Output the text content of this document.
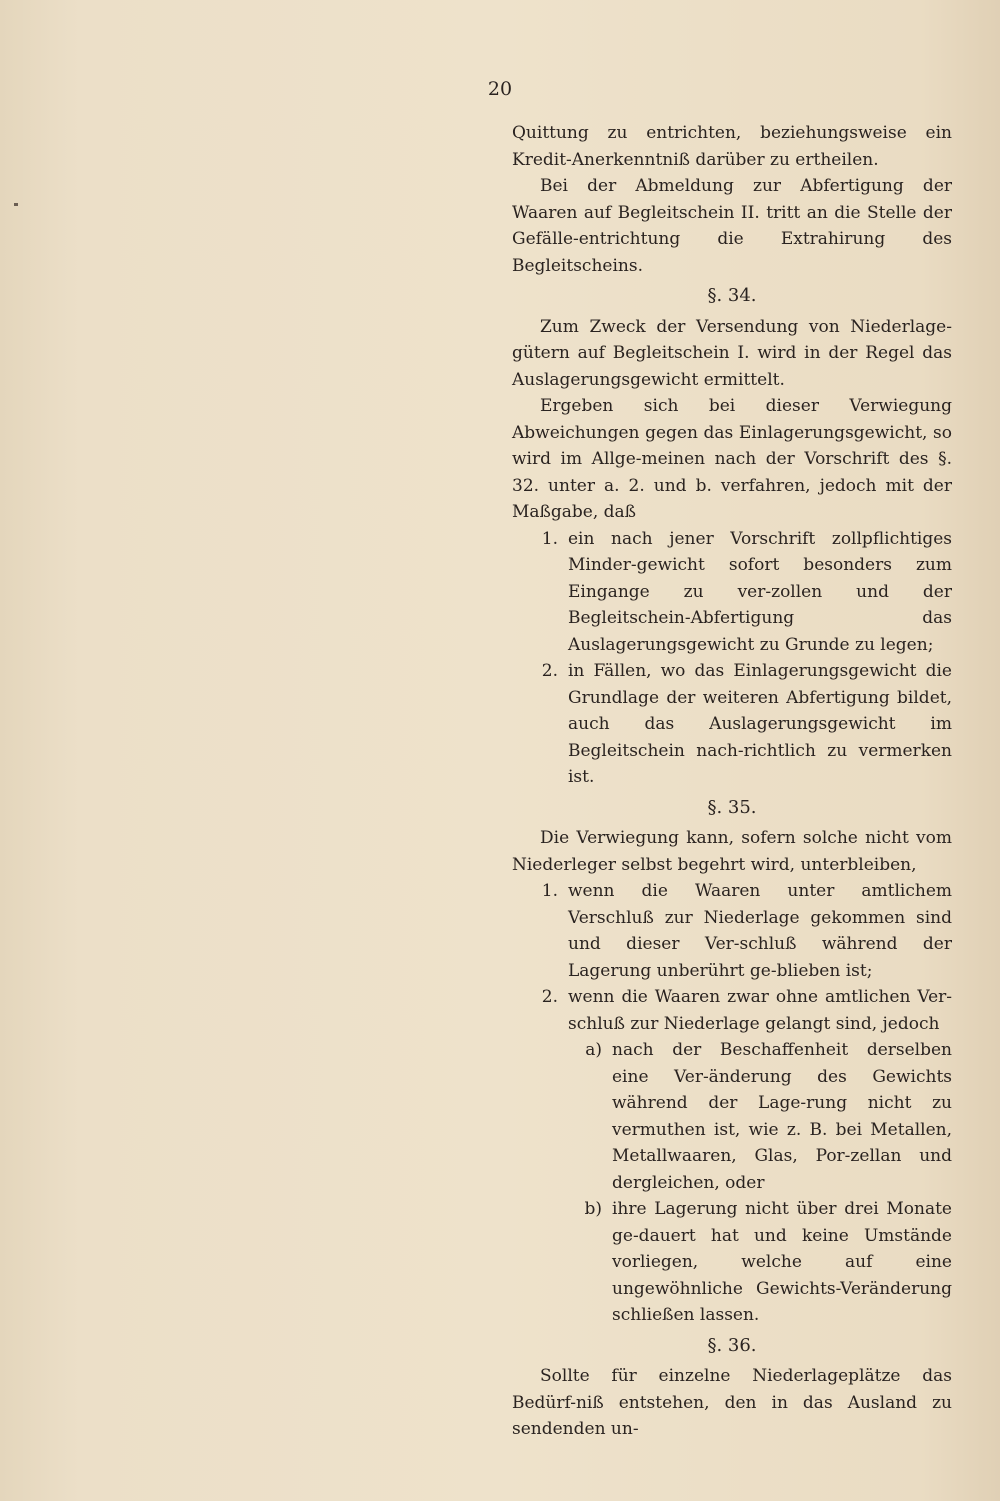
20

Quittung zu entrichten, beziehungsweise ein Kredit-Anerkenntniß darüber zu ertheilen.

Bei der Abmeldung zur Abfertigung der Waaren auf Begleitschein II. tritt an die Stelle der Gefälle-entrichtung die Extrahirung des Begleitscheins.

§. 34.

Zum Zweck der Versendung von Niederlage-gütern auf Begleitschein I. wird in der Regel das Auslagerungsgewicht ermittelt.

Ergeben sich bei dieser Verwiegung Abweichungen gegen das Einlagerungsgewicht, so wird im Allge-meinen nach der Vorschrift des §. 32. unter a. 2. und b. verfahren, jedoch mit der Maßgabe, daß

1. ein nach jener Vorschrift zollpflichtiges Minder-gewicht sofort besonders zum Eingange zu ver-zollen und der Begleitschein-Abfertigung das Auslagerungsgewicht zu Grunde zu legen;
2. in Fällen, wo das Einlagerungsgewicht die Grundlage der weiteren Abfertigung bildet, auch das Auslagerungsgewicht im Begleitschein nach-richtlich zu vermerken ist.
§. 35.

Die Verwiegung kann, sofern solche nicht vom Niederleger selbst begehrt wird, unterbleiben,

1. wenn die Waaren unter amtlichem Verschluß zur Niederlage gekommen sind und dieser Ver-schluß während der Lagerung unberührt ge-blieben ist;
2. wenn die Waaren zwar ohne amtlichen Ver-schluß zur Niederlage gelangt sind, jedoch
a) nach der Beschaffenheit derselben eine Ver-änderung des Gewichts während der Lage-rung nicht zu vermuthen ist, wie z. B. bei Metallen, Metallwaaren, Glas, Por-zellan und dergleichen, oder
b) ihre Lagerung nicht über drei Monate ge-dauert hat und keine Umstände vorliegen, welche auf eine ungewöhnliche Gewichts-Veränderung schließen lassen.
§. 36.

Sollte für einzelne Niederlageplätze das Bedürf-niß entstehen, den in das Ausland zu sendenden un-
